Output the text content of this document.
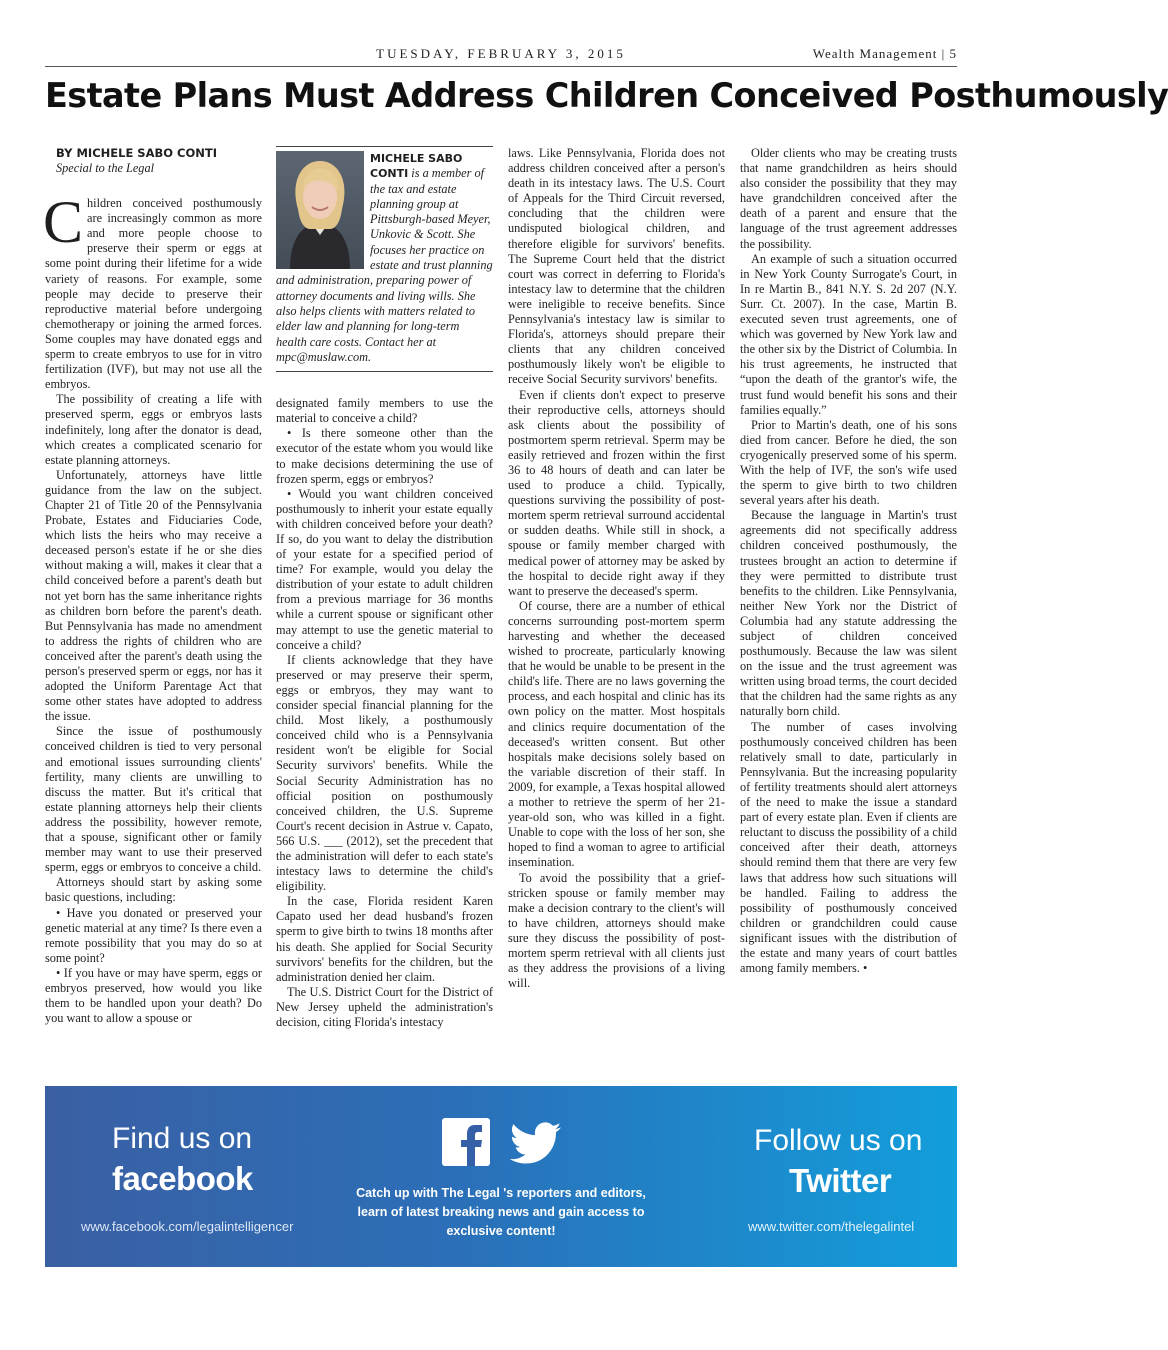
TUESDAY, FEBRUARY 3, 2015	Wealth Management | 5
Estate Plans Must Address Children Conceived Posthumously

BY MICHELE SABO CONTI

Special to the Legal

Children conceived posthumously are increasingly common as more and more people choose to preserve their sperm or eggs at some point during their lifetime for a wide variety of reasons. For example, some people may decide to preserve their reproductive material before undergoing chemotherapy or joining the armed forces. Some couples may have donated eggs and sperm to create embryos to use for in vitro fertilization (IVF), but may not use all the embryos.

The possibility of creating a life with preserved sperm, eggs or embryos lasts indefinitely, long after the donator is dead, which creates a complicated scenario for estate planning attorneys.

Unfortunately, attorneys have little guidance from the law on the subject. Chapter 21 of Title 20 of the Pennsylvania Probate, Estates and Fiduciaries Code, which lists the heirs who may receive a deceased person's estate if he or she dies without making a will, makes it clear that a child conceived before a parent's death but not yet born has the same inheritance rights as children born before the parent's death. But Pennsylvania has made no amendment to address the rights of children who are conceived after the parent's death using the person's preserved sperm or eggs, nor has it adopted the Uniform Parentage Act that some other states have adopted to address the issue.

Since the issue of posthumously conceived children is tied to very personal and emotional issues surrounding clients' fertility, many clients are unwilling to discuss the matter. But it's critical that estate planning attorneys help their clients address the possibility, however remote, that a spouse, significant other or family member may want to use their preserved sperm, eggs or embryos to conceive a child.

Attorneys should start by asking some basic questions, including:

• Have you donated or preserved your genetic material at any time? Is there even a remote possibility that you may do so at some point?

• If you have or may have sperm, eggs or embryos preserved, how would you like them to be handled upon your death? Do you want to allow a spouse or

MICHELE SABO CONTI is a member of the tax and estate planning group at Pittsburgh-based Meyer, Unkovic & Scott. She focuses her practice on estate and trust planning and administration, preparing power of attorney documents and living wills. She also helps clients with matters related to elder law and planning for long-term health care costs. Contact her at mpc@muslaw.com.

designated family members to use the material to conceive a child?

• Is there someone other than the executor of the estate whom you would like to make decisions determining the use of frozen sperm, eggs or embryos?

• Would you want children conceived posthumously to inherit your estate equally with children conceived before your death? If so, do you want to delay the distribution of your estate for a specified period of time? For example, would you delay the distribution of your estate to adult children from a previous marriage for 36 months while a current spouse or significant other may attempt to use the genetic material to conceive a child?

If clients acknowledge that they have preserved or may preserve their sperm, eggs or embryos, they may want to consider special financial planning for the child. Most likely, a posthumously conceived child who is a Pennsylvania resident won't be eligible for Social Security survivors' benefits. While the Social Security Administration has no official position on posthumously conceived children, the U.S. Supreme Court's recent decision in Astrue v. Capato, 566 U.S. ___ (2012), set the precedent that the administration will defer to each state's intestacy laws to determine the child's eligibility.

In the case, Florida resident Karen Capato used her dead husband's frozen sperm to give birth to twins 18 months after his death. She applied for Social Security survivors' benefits for the children, but the administration denied her claim.

The U.S. District Court for the District of New Jersey upheld the administration's decision, citing Florida's intestacy

laws. Like Pennsylvania, Florida does not address children conceived after a person's death in its intestacy laws. The U.S. Court of Appeals for the Third Circuit reversed, concluding that the children were undisputed biological children, and therefore eligible for survivors' benefits. The Supreme Court held that the district court was correct in deferring to Florida's intestacy law to determine that the children were ineligible to receive benefits. Since Pennsylvania's intestacy law is similar to Florida's, attorneys should prepare their clients that any children conceived posthumously likely won't be eligible to receive Social Security survivors' benefits.

Even if clients don't expect to preserve their reproductive cells, attorneys should ask clients about the possibility of postmortem sperm retrieval. Sperm may be easily retrieved and frozen within the first 36 to 48 hours of death and can later be used to produce a child. Typically, questions surviving the possibility of post-mortem sperm retrieval surround accidental or sudden deaths. While still in shock, a spouse or family member charged with medical power of attorney may be asked by the hospital to decide right away if they want to preserve the deceased's sperm.

Of course, there are a number of ethical concerns surrounding post-mortem sperm harvesting and whether the deceased wished to procreate, particularly knowing that he would be unable to be present in the child's life. There are no laws governing the process, and each hospital and clinic has its own policy on the matter. Most hospitals and clinics require documentation of the deceased's written consent. But other hospitals make decisions solely based on the variable discretion of their staff. In 2009, for example, a Texas hospital allowed a mother to retrieve the sperm of her 21-year-old son, who was killed in a fight. Unable to cope with the loss of her son, she hoped to find a woman to agree to artificial insemination.

To avoid the possibility that a grief-stricken spouse or family member may make a decision contrary to the client's will to have children, attorneys should make sure they discuss the possibility of post-mortem sperm retrieval with all clients just as they address the provisions of a living will.

Older clients who may be creating trusts that name grandchildren as heirs should also consider the possibility that they may have grandchildren conceived after the death of a parent and ensure that the language of the trust agreement addresses the possibility.

An example of such a situation occurred in New York County Surrogate's Court, in In re Martin B., 841 N.Y. S. 2d 207 (N.Y. Surr. Ct. 2007). In the case, Martin B. executed seven trust agreements, one of which was governed by New York law and the other six by the District of Columbia. In his trust agreements, he instructed that “upon the death of the grantor's wife, the trust fund would benefit his sons and their families equally.”

Prior to Martin's death, one of his sons died from cancer. Before he died, the son cryogenically preserved some of his sperm. With the help of IVF, the son's wife used the sperm to give birth to two children several years after his death.

Because the language in Martin's trust agreements did not specifically address children conceived posthumously, the trustees brought an action to determine if they were permitted to distribute trust benefits to the children. Like Pennsylvania, neither New York nor the District of Columbia had any statute addressing the subject of children conceived posthumously. Because the law was silent on the issue and the trust agreement was written using broad terms, the court decided that the children had the same rights as any naturally born child.

The number of cases involving posthumously conceived children has been relatively small to date, particularly in Pennsylvania. But the increasing popularity of fertility treatments should alert attorneys of the need to make the issue a standard part of every estate plan. Even if clients are reluctant to discuss the possibility of a child conceived after their death, attorneys should remind them that there are very few laws that address how such situations will be handled. Failing to address the possibility of posthumously conceived children or grandchildren could cause significant issues with the distribution of the estate and many years of court battles among family members. •

Find us on
facebook
www.facebook.com/legalintelligencer
Catch up with The Legal 's reporters and editors, learn of latest breaking news and gain access to exclusive content!
Follow us on
Twitter
www.twitter.com/thelegalintel
